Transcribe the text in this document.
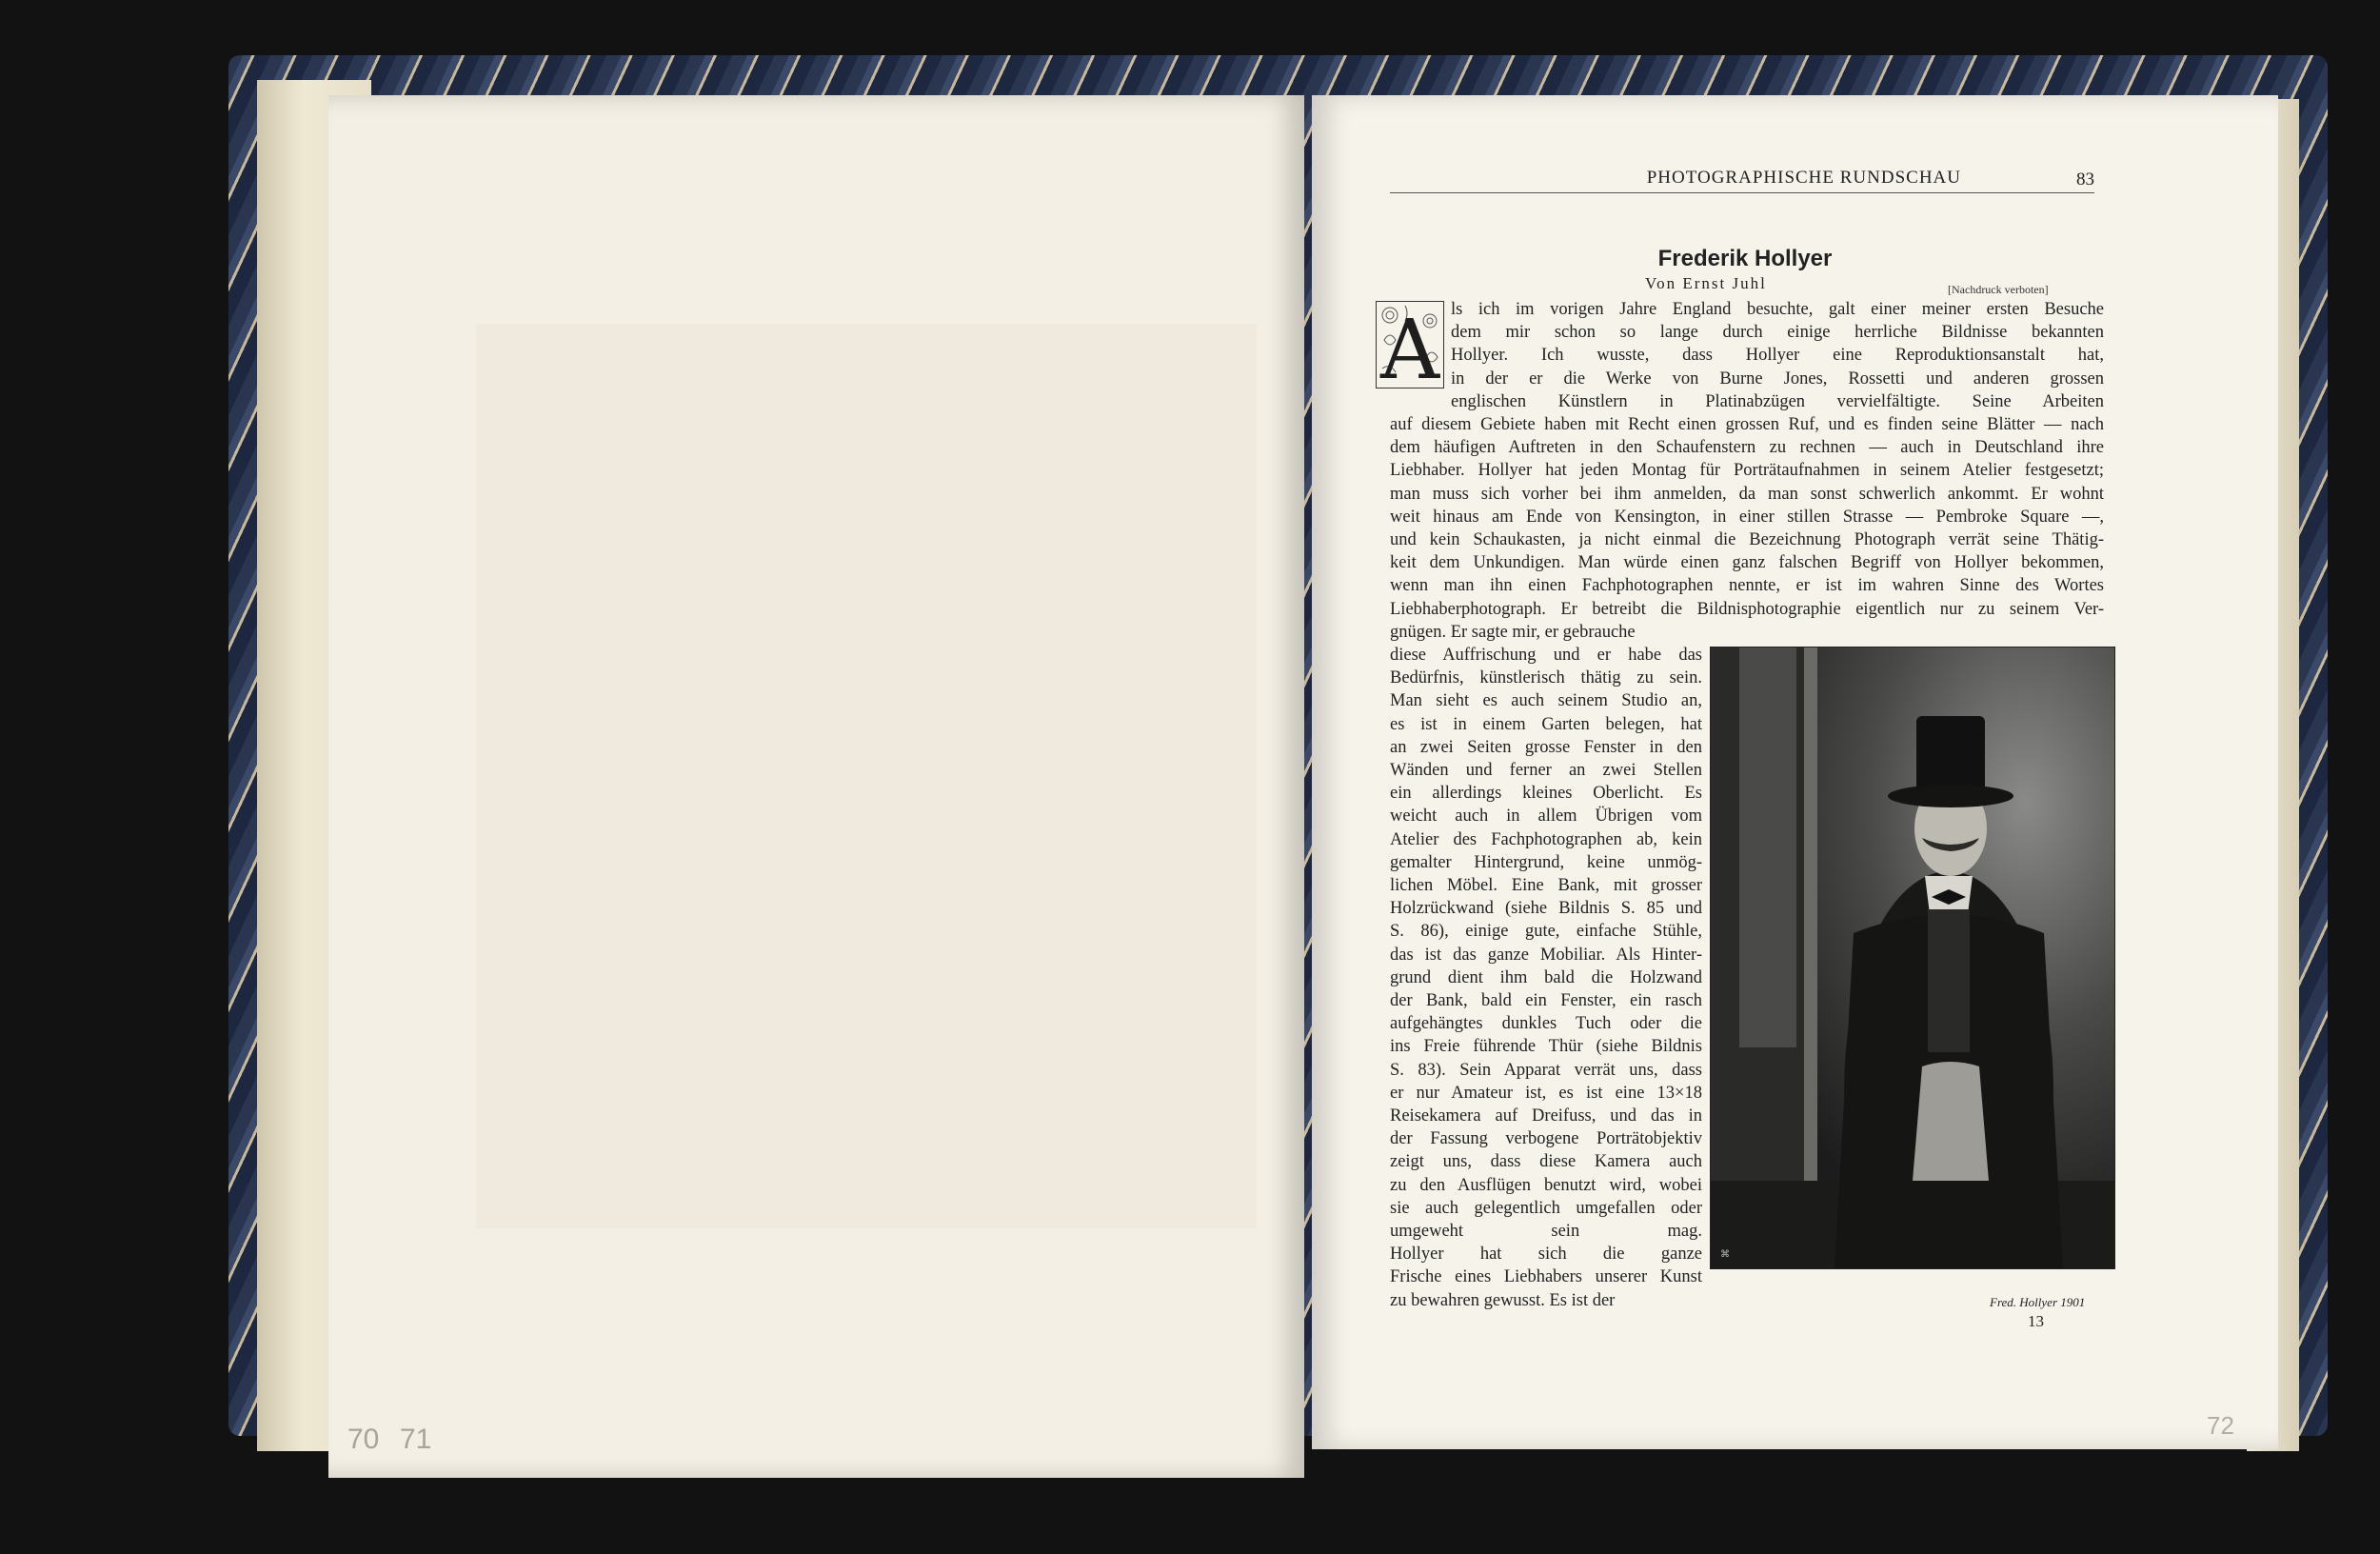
70 71
PHOTOGRAPHISCHE RUNDSCHAU	83
Frederik Hollyer
Von Ernst Juhl	[Nachdruck verboten]
A ls ich im vorigen Jahre England besuchte, galt einer meiner ersten Besuche
dem mir schon so lange durch einige herrliche Bildnisse bekannten
Hollyer. Ich wusste, dass Hollyer eine Reproduktionsanstalt hat,
in der er die Werke von Burne Jones, Rossetti und anderen grossen
englischen Künstlern in Platinabzügen vervielfältigte. Seine Arbeiten
auf diesem Gebiete haben mit Recht einen grossen Ruf, und es finden seine Blätter — nach
dem häufigen Auftreten in den Schaufenstern zu rechnen — auch in Deutschland ihre
Liebhaber. Hollyer hat jeden Montag für Porträtaufnahmen in seinem Atelier festgesetzt;
man muss sich vorher bei ihm anmelden, da man sonst schwerlich ankommt. Er wohnt
weit hinaus am Ende von Kensington, in einer stillen Strasse — Pembroke Square —,
und kein Schaukasten, ja nicht einmal die Bezeichnung Photograph verrät seine Thätig-
keit dem Unkundigen. Man würde einen ganz falschen Begriff von Hollyer bekommen,
wenn man ihn einen Fachphotographen nennte, er ist im wahren Sinne des Wortes
Liebhaberphotograph. Er betreibt die Bildnisphotographie eigentlich nur zu seinem Ver-
gnügen. Er sagte mir, er gebrauche
diese Auffrischung und er habe das
Bedürfnis, künstlerisch thätig zu sein.
Man sieht es auch seinem Studio an,
es ist in einem Garten belegen, hat
an zwei Seiten grosse Fenster in den
Wänden und ferner an zwei Stellen
ein allerdings kleines Oberlicht. Es
weicht auch in allem Übrigen vom
Atelier des Fachphotographen ab, kein
gemalter Hintergrund, keine unmög-
lichen Möbel. Eine Bank, mit grosser
Holzrückwand (siehe Bildnis S. 85 und
S. 86), einige gute, einfache Stühle,
das ist das ganze Mobiliar. Als Hinter-
grund dient ihm bald die Holzwand
der Bank, bald ein Fenster, ein rasch
aufgehängtes dunkles Tuch oder die
ins Freie führende Thür (siehe Bildnis
S. 83). Sein Apparat verrät uns, dass
er nur Amateur ist, es ist eine 13×18
Reisekamera auf Dreifuss, und das in
der Fassung verbogene Porträtobjektiv
zeigt uns, dass diese Kamera auch
zu den Ausflügen benutzt wird, wobei
sie auch gelegentlich umgefallen oder
umgeweht sein mag.
Hollyer hat sich die ganze
Frische eines Liebhabers unserer Kunst
zu bewahren gewusst. Es ist der
⌘
Fred. Hollyer 1901
13
72
